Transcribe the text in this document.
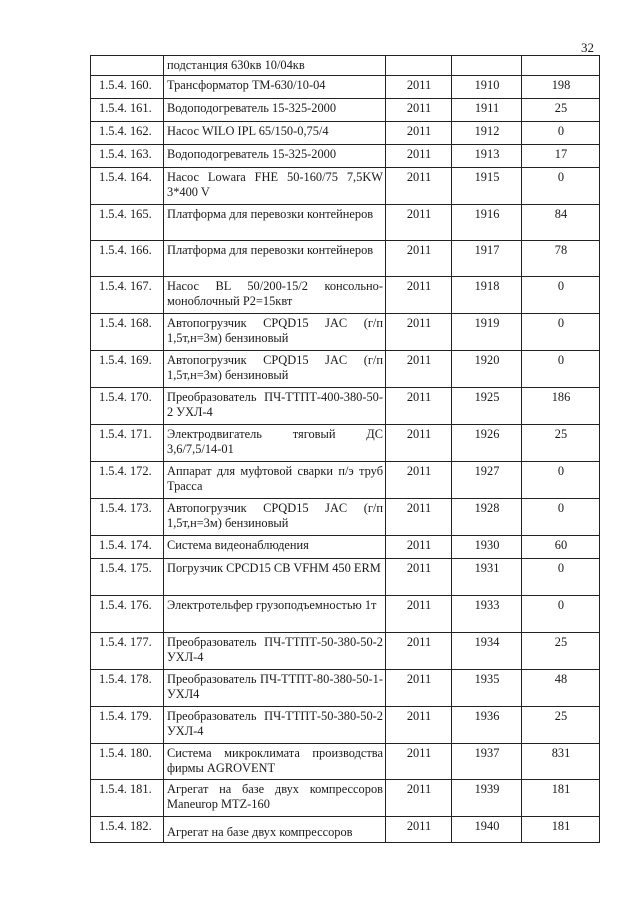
32
	подстанция 630кв 10/04кв			
1.5.4. 160.	Трансформатор ТМ-630/10-04	2011	1910	198
1.5.4. 161.	Водоподогреватель 15-325-2000	2011	1911	25
1.5.4. 162.	Насос WILO IPL 65/150-0,75/4	2011	1912	0
1.5.4. 163.	Водоподогреватель 15-325-2000	2011	1913	17
1.5.4. 164.	Насос Lowara FHE 50-160/75 7,5KW 3*400 V	2011	1915	0
1.5.4. 165.	Платформа для перевозки контейнеров	2011	1916	84
1.5.4. 166.	Платформа для перевозки контейнеров	2011	1917	78
1.5.4. 167.	Насос BL 50/200-15/2 консольно-моноблочный Р2=15квт	2011	1918	0
1.5.4. 168.	Автопогрузчик CPQD15 JAC (г/п 1,5т,н=3м) бензиновый	2011	1919	0
1.5.4. 169.	Автопогрузчик CPQD15 JAC (г/п 1,5т,н=3м) бензиновый	2011	1920	0
1.5.4. 170.	Преобразователь ПЧ-ТТПТ-400-380-50-2 УХЛ-4	2011	1925	186
1.5.4. 171.	Электродвигатель тяговый ДС 3,6/7,5/14-01	2011	1926	25
1.5.4. 172.	Аппарат для муфтовой сварки п/э труб Трасса	2011	1927	0
1.5.4. 173.	Автопогрузчик CPQD15 JAC (г/п 1,5т,н=3м) бензиновый	2011	1928	0
1.5.4. 174.	Система видеонаблюдения	2011	1930	60
1.5.4. 175.	Погрузчик CPCD15 CB VFHM 450 ERM	2011	1931	0
1.5.4. 176.	Электротельфер грузоподъемностью 1т	2011	1933	0
1.5.4. 177.	Преобразователь ПЧ-ТТПТ-50-380-50-2 УХЛ-4	2011	1934	25
1.5.4. 178.	Преобразователь ПЧ-ТТПТ-80-380-50-1- УХЛ4	2011	1935	48
1.5.4. 179.	Преобразователь ПЧ-ТТПТ-50-380-50-2 УХЛ-4	2011	1936	25
1.5.4. 180.	Система микроклимата производства фирмы AGROVENT	2011	1937	831
1.5.4. 181.	Агрегат на базе двух компрессоров Maneurop MTZ-160	2011	1939	181
1.5.4. 182.	Агрегат на базе двух компрессоров	2011	1940	181
